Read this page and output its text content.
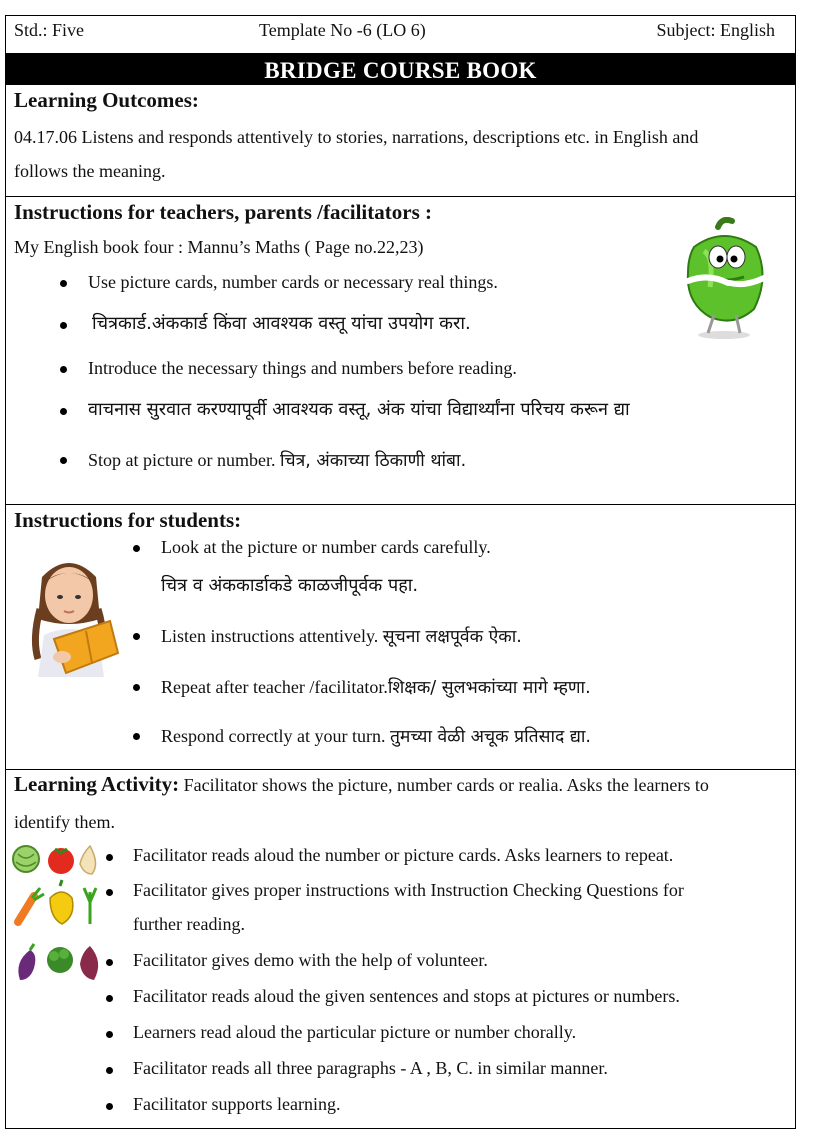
Std.: Five	Template No -6 (LO 6)	Subject: English
BRIDGE COURSE BOOK
Learning Outcomes:
04.17.06 Listens and responds attentively to stories, narrations, descriptions etc. in English and
follows the meaning.
Instructions for teachers, parents /facilitators :
My English book four : Mannu’s Maths ( Page no.22,23)
Use picture cards, number cards or necessary real things.
चित्रकार्ड.अंककार्ड किंवा आवश्यक वस्तू यांचा उपयोग करा.
Introduce the necessary things and numbers before reading.
वाचनास सुरवात करण्यापूर्वी आवश्यक वस्तू, अंक यांचा विद्यार्थ्यांना परिचय करून द्या
Stop at picture or number. चित्र, अंकाच्या ठिकाणी थांबा.
Instructions for students:
Look at the picture or number cards carefully.
चित्र व अंककार्डाकडे काळजीपूर्वक पहा.
Listen instructions attentively. सूचना लक्षपूर्वक ऐका.
Repeat after teacher /facilitator.शिक्षक/ सुलभकांच्या मागे म्हणा.
Respond correctly at your turn. तुमच्या वेळी अचूक प्रतिसाद द्या.
Learning Activity: Facilitator shows the picture, number cards or realia. Asks the learners to
identify them.
Facilitator reads aloud the number or picture cards. Asks learners to repeat.
Facilitator gives proper instructions with Instruction Checking Questions for
further reading.
Facilitator gives demo with the help of volunteer.
Facilitator reads aloud the given sentences and stops at pictures or numbers.
Learners read aloud the particular picture or number chorally.
Facilitator reads all three paragraphs - A , B, C. in similar manner.
Facilitator supports learning.
